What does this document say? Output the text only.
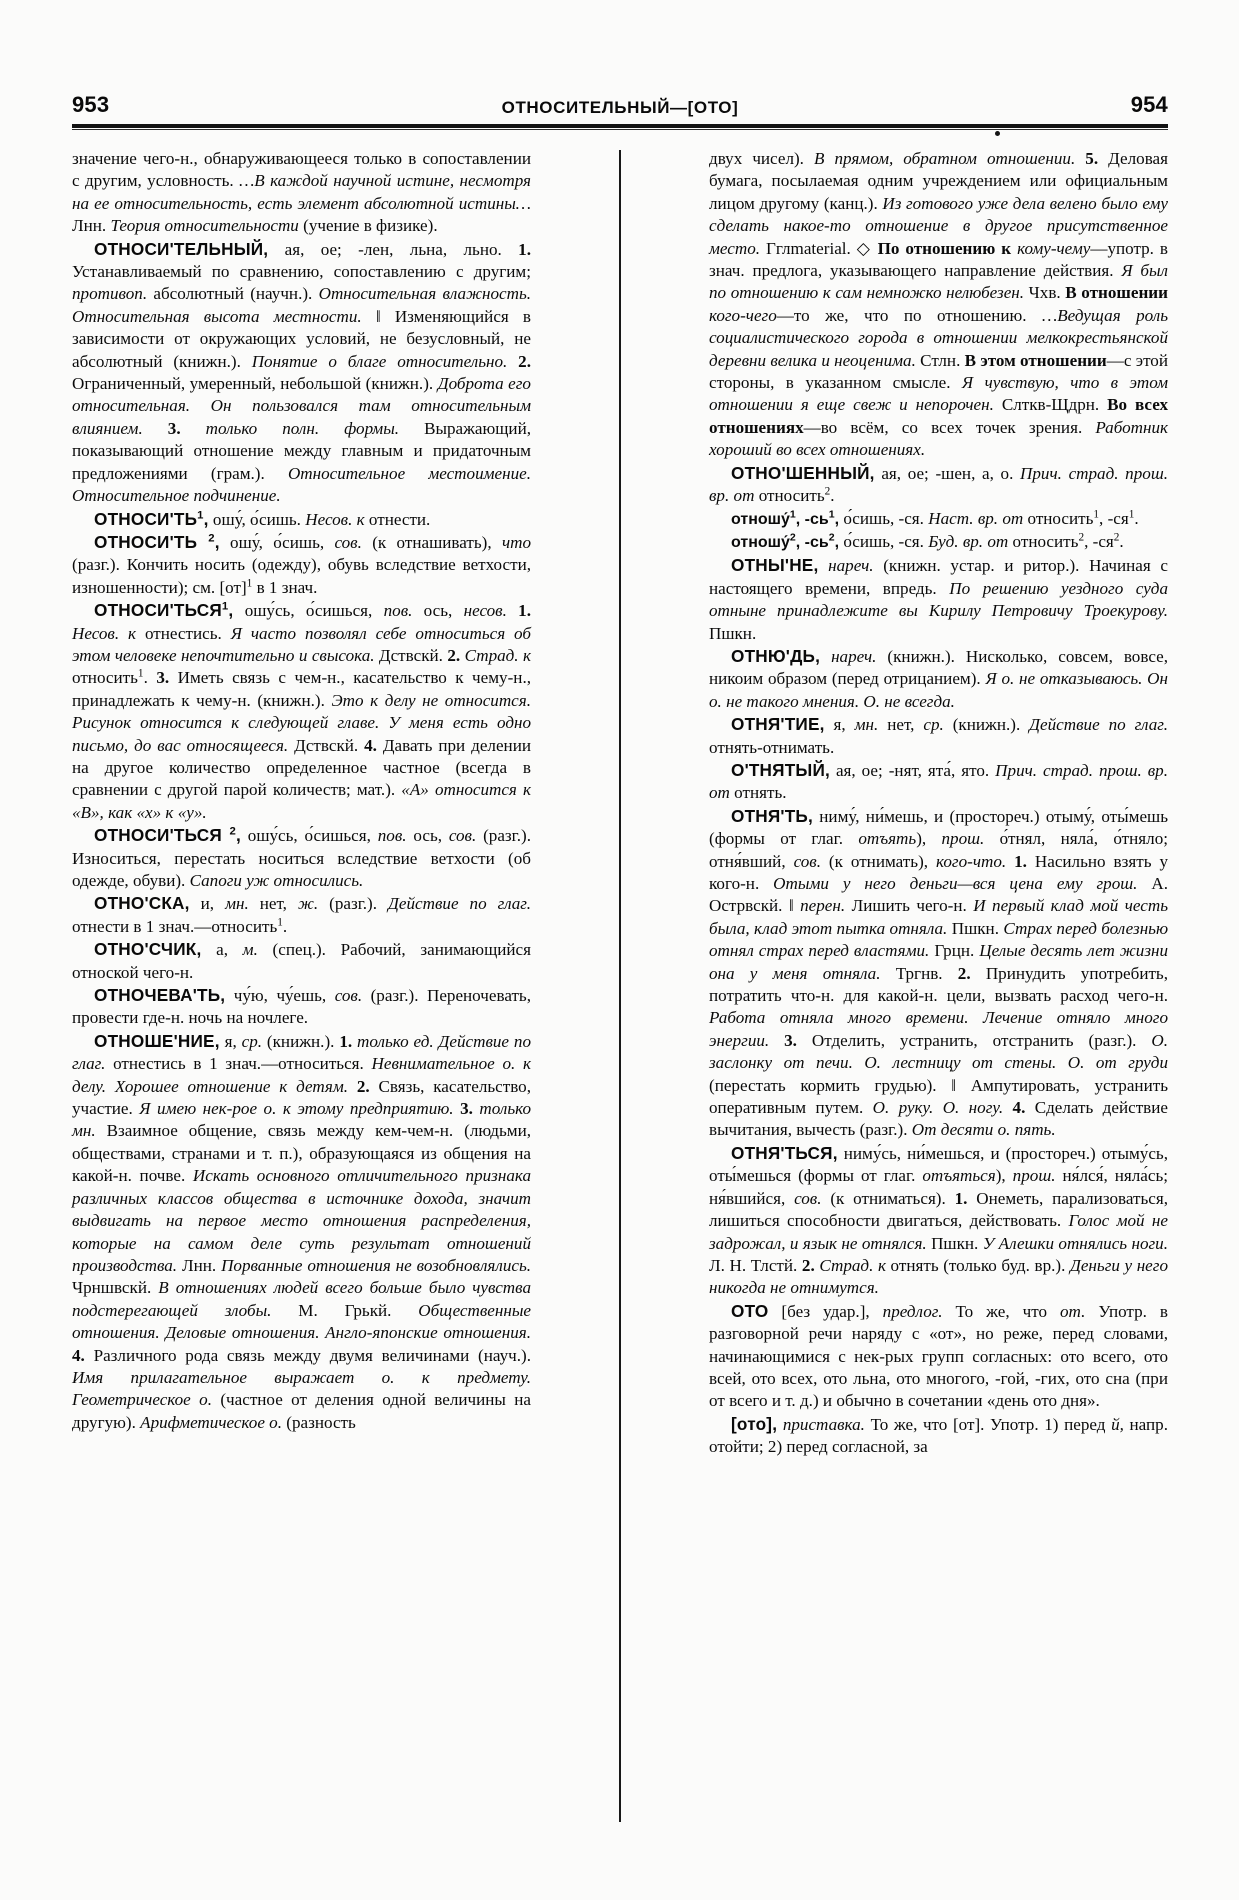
953	ОТНОСИТЕЛЬНЫЙ—[ОТО]	954

значение чего-н., обнаруживающееся только в сопоставлении с другим, условность. …В каждой научной истине, несмотря на ее относительность, есть элемент абсолютной истины… Лнн. Теория относительности (учение в физике).

ОТНОСИ'ТЕЛЬНЫЙ, ая, ое; -лен, льна, льно. 1. Устанавливаемый по сравнению, сопоставлению с другим; противоп. абсолютный (научн.). Относительная влажность. Относительная высота местности. ‖ Изменяющийся в зависимости от окружающих условий, не безусловный, не абсолютный (книжн.). Понятие о благе относительно. 2. Ограниченный, умеренный, небольшой (книжн.). Доброта его относительная. Он пользовался там относительным влиянием. 3. только полн. формы. Выражающий, показывающий отношение между главным и придаточным предложениями (грам.). Относительное местоимение. Относительное подчинение.

$ОТНОСИ'ТЬ^1$, ошу́, о́сишь. Несов. к отнести.

ОТНОСИ'ТЬ $^2$, ошу́, о́сишь, сов. (к отнашивать), что (разг.). Кончить носить (одежду), обувь вследствие ветхости, изношенности); см. [от]$^1$ в 1 знач.

ОТНОСИ'ТЬСЯ$^1$, ошу́сь, о́сишься, пов. ось, несов. 1. Несов. к отнестись. Я часто позволял себе относиться об этом человеке непочтительно и свысока. Дствскй. 2. Страд. к относить$^1$. 3. Иметь связь с чем-н., касательство к чему-н., принадлежать к чему-н. (книжн.). Это к делу не относится. Рисунок относится к следующей главе. У меня есть одно письмо, до вас относящееся. Дствскй. 4. Давать при делении на другое количество определенное частное (всегда в сравнении с другой парой количеств; мат.). «А» относится к «В», как «х» к «у».

ОТНОСИ'ТЬСЯ $^2$, ошу́сь, о́сишься, пов. ось, сов. (разг.). Износиться, перестать носиться вследствие ветхости (об одежде, обуви). Сапоги уж относились.

ОТНО'СКА, и, мн. нет, ж. (разг.). Действие по глаг. отнести в 1 знач.—относить$^1$.

ОТНО'СЧИК, а, м. (спец.). Рабочий, занимающийся отноской чего-н.

ОТНОЧЕВА'ТЬ, чу́ю, чу́ешь, сов. (разг.). Переночевать, провести где-н. ночь на ночлеге.

ОТНОШЕ'НИЕ, я, ср. (книжн.). 1. только ед. Действие по глаг. отнестись в 1 знач.—относиться. Невнимательное о. к делу. Хорошее отношение к детям. 2. Связь, касательство, участие. Я имею нек-рое о. к этому предприятию. 3. только мн. Взаимное общение, связь между кем-чем-н. (людьми, обществами, странами и т. п.), образующаяся из общения на какой-н. почве. Искать основного отличительного признака различных классов общества в источнике дохода, значит выдвигать на первое место отношения распределения, которые на самом деле суть результат отношений производства. Лнн. Порванные отношения не возобновлялись. Чрншвскй. В отношениях людей всего больше было чувства подстерегающей злобы. М. Грькй. Общественные отношения. Деловые отношения. Англо-японские отношения. 4. Различного рода связь между двумя величинами (науч.). Имя прилагательное выражает о. к предмету. Геометрическое о. (частное от деления одной величины на другую). Арифметическое о. (разность

двух чисел). В прямом, обратном отношении. 5. Деловая бумага, посылаемая одним учреждением или официальным лицом другому (канц.). Из готового уже дела велено было ему сделать накое-то отношение в другое присутственное место. Гглmaterial. ◇ По отношению к кому-чему—употр. в знач. предлога, указывающего направление действия. Я был по отношению к сам немножко нелюбезен. Чхв. В отношении кого-чего—то же, что по отношению. …Ведущая роль социалистического города в отношении мелкокрестьянской деревни велика и неоценима. Стлн. В этом отношении—с этой стороны, в указанном смысле. Я чувствую, что в этом отношении я еще свеж и непорочен. Слткв-Щдрн. Во всех отношениях—во всём, со всех точек зрения. Работник хороший во всех отношениях.

ОТНО'ШЕННЫЙ, ая, ое; -шен, а, о. Прич. страд. прош. вр. от относить$^2$.

отношу́$^1$, $-сь^1$, о́сишь, -ся. Наст. вр. от относить$^1$, $-ся^1$.

отношу́$^2$, $-сь^2$, о́сишь, -ся. Буд. вр. от относить$^2$, $-ся^2$.

ОТНЫ'НЕ, нареч. (книжн. устар. и ритор.). Начиная с настоящего времени, впредь. По решению уездного суда отныне принадлежите вы Кирилу Петровичу Троекурову. Пшкн.

ОТНЮ'ДЬ, нареч. (книжн.). Нисколько, совсем, вовсе, никоим образом (перед отрицанием). Я о. не отказываюсь. Он о. не такого мнения. О. не всегда.

ОТНЯ'ТИЕ, я, мн. нет, ср. (книжн.). Действие по глаг. отнять-отнимать.

О'ТНЯТЫЙ, ая, ое; -нят, ята́, ято. Прич. страд. прош. вр. от отнять.

ОТНЯ'ТЬ, ниму́, ни́мешь, и (простореч.) отыму́, оты́мешь (формы от глаг. отъять), прош. о́тнял, няла́, о́тняло; отня́вший, сов. (к отнимать), кого-что. 1. Насильно взять у кого-н. Отыми у него деньги—вся цена ему грош. А. Острвскй. ‖ перен. Лишить чего-н. И первый клад мой честь была, клад этот пытка отняла. Пшкн. Страх перед болезнью отнял страх перед властями. Грцн. Целые десять лет жизни она у меня отняла. Тргнв. 2. Принудить употребить, потратить что-н. для какой-н. цели, вызвать расход чего-н. Работа отняла много времени. Лечение отняло много энергии. 3. Отделить, устранить, отстранить (разг.). О. заслонку от печи. О. лестницу от стены. О. от груди (перестать кормить грудью). ‖ Ампутировать, устранить оперативным путем. О. руку. О. ногу. 4. Сделать действие вычитания, вычесть (разг.). От десяти о. пять.

ОТНЯ'ТЬСЯ, ниму́сь, ни́мешься, и (простореч.) отыму́сь, оты́мешься (формы от глаг. отъяться), прош. ня́лся́, няла́сь; ня́вшийся, сов. (к отниматься). 1. Онеметь, парализоваться, лишиться способности двигаться, действовать. Голос мой не задрожал, и язык не отнялся. Пшкн. У Алешки отнялись ноги. Л. Н. Тлстй. 2. Страд. к отнять (только буд. вр.). Деньги у него никогда не отнимутся.

ОТО [без удар.], предлог. То же, что от. Употр. в разговорной речи наряду с «от», но реже, перед словами, начинающимися с нек-рых групп согласных: ото всего, ото всей, ото всех, ото льна, ото многого, -гой, -гих, ото сна (при от всего и т. д.) и обычно в сочетании «день ото дня».

[ото], приставка. То же, что [от]. Употр. 1) перед й, напр. отойти; 2) перед согласной, за
